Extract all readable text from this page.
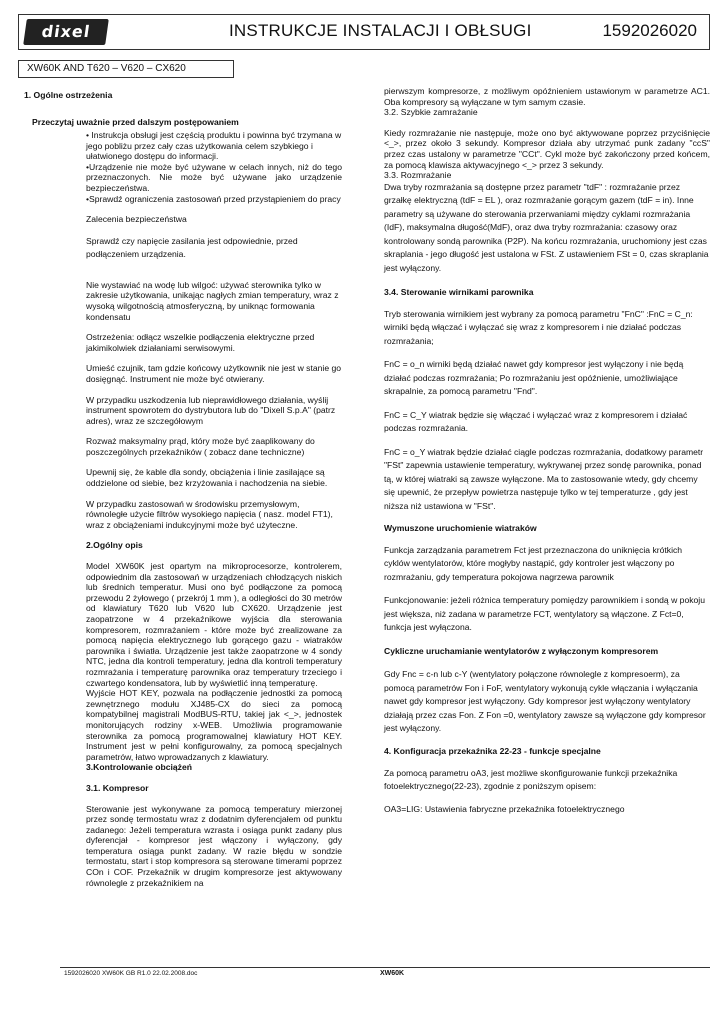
dixel	INSTRUKCJE INSTALACJI I OBŁSUGI	1592026020
XW60K AND T620 – V620 – CX620
1. Ogólne ostrzeżenia
Przeczytaj uważnie przed dalszym postępowaniem

• Instrukcja obsługi jest częścią produktu i powinna być trzymana w jego pobliżu przez cały czas użytkowania celem szybkiego i ułatwionego dostępu do informacji.

•Urządzenie nie może być używane w celach innych, niż do tego przeznaczonych. Nie może być używane jako urządzenie bezpieczeństwa.

•Sprawdź ograniczenia zastosowań przed przystąpieniem do pracy

Zalecenia bezpieczeństwa

Sprawdź czy napięcie zasilania jest odpowiednie, przed podłączeniem urządzenia.

Nie wystawiać na wodę lub wilgoć: używać sterownika tylko w zakresie użytkowania, unikając nagłych zmian temperatury, wraz z wysoką wilgotnością atmosferyczną, by uniknąc formowania kondensatu

Ostrzeżenia: odłącz wszelkie podłączenia elektryczne przed jakimikolwiek działaniami serwisowymi.

Umieść czujnik, tam gdzie końcowy użytkownik nie jest w stanie go dosięgnąć. Instrument nie może być otwierany.

W przypadku uszkodzenia lub nieprawidłowego działania, wyślij instrument spowrotem do dystrybutora lub do "Dixell S.p.A" (patrz adres), wraz ze szczegółowym

Rozważ maksymalny prąd, który może być zaaplikowany do poszczególnych przekaźników ( zobacz dane techniczne)

Upewnij się, że kable dla sondy, obciążenia i linie zasilające są oddzielone od siebie, bez krzyżowania i nachodzenia na siebie.

W przypadku zastosowań w środowisku przemysłowym, równoległe użycie filtrów wysokiego napięcia ( nasz. model FT1), wraz z obciążeniami indukcyjnymi może być użyteczne.

2.Ogólny opis

Model XW60K jest opartym na mikroprocesorze, kontrolerem, odpowiednim dla zastosowań w urządzeniach chłodzących niskich lub średnich temperatur. Musi ono być podłączone za pomocą przewodu 2 żyłowego ( przekrój 1 mm ), a odległości do 30 metrów od klawiatury T620 lub V620 lub CX620. Urządzenie jest zaopatrzone w 4 przekaźnikowe wyjścia dla sterowania kompresorem, rozmrażaniem - które może być zrealizowane za pomocą napięcia elektrycznego lub gorącego gazu - wiatraków parownika i światła. Urządzenie jest także zaopatrzone w 4 sondy NTC, jedna dla kontroli temperatury, jedna dla kontroli temperatury rozmrażania i temperaturę parownika oraz temperatury trzeciego i czwartego kondensatora, lub by wyświetlić inną temperaturę.

Wyjście HOT KEY, pozwala na podłączenie jednostki za pomocą zewnętrznego modułu XJ485-CX do sieci za pomocą kompatybilnej magistrali ModBUS-RTU, takiej jak <_>, jednostek monitorujących rodziny x-WEB. Umożliwia programowanie sterownika za pomocą programowalnej klawiatury HOT KEY. Instrument jest w pełni konfigurowalny, za pomocą specjalnych parametrów, łatwo wprowadzanych z klawiatury.

3.Kontrolowanie obciążeń

3.1. Kompresor

Sterowanie jest wykonywane za pomocą temperatury mierzonej przez sondę termostatu wraz z dodatnim dyferencjałem od punktu zadanego: Jeżeli temperatura wzrasta i osiąga punkt zadany plus dyferencjał - kompresor jest włączony i wyłączony, gdy temperatura osiąga punkt zadany. W razie błędu w sondzie termostatu, start i stop kompresora są sterowane timerami poprzez COn i COF. Przekaźnik w drugim kompresorze jest aktywowany równolegle z przekaźnikiem na

pierwszym kompresorze, z możliwym opóźnieniem ustawionym w parametrze AC1. Oba kompresory są wyłączane w tym samym czasie.

3.2. Szybkie zamrażanie

Kiedy rozmrażanie nie następuje, może ono być aktywowane poprzez przyciśnięcie <_>, przez około 3 sekundy. Kompresor działa aby utrzymać punk zadany "ccS" przez czas ustalony w parametrze "CCt". Cykl może być zakończony przed końcem, za pomocą klawisza aktywacyjnego <_> przez 3 sekundy.

3.3. Rozmrażanie

Dwa tryby rozmrażania są dostępne przez parametr "tdF" : rozmrażanie przez grzałkę elektryczną (tdF = EL ), oraz rozmrażanie gorącym gazem (tdF = in). Inne parametry są używane do sterowania przerwaniami między cyklami rozmrażania (IdF), maksymalna długość(MdF), oraz dwa tryby rozmrażania: czasowy oraz kontrolowany sondą parownika (P2P). Na końcu rozmrażania, uruchomiony jest czas skraplania - jego długość jest ustalona w FSt. Z ustawieniem FSt = 0, czas skraplania jest wyłączony.

3.4. Sterowanie wirnikami parownika

Tryb sterowania wirnikiem jest wybrany za pomocą parametru "FnC" :FnC = C_n: wirniki będą włączać i wyłączać się wraz z kompresorem i nie działać podczas rozmrażania;

FnC = o_n wirniki będą działać nawet gdy kompresor jest wyłączony i nie będą działać podczas rozmrażania; Po rozmrażaniu jest opóźnienie, umożliwiające skrapalnie, za pomocą parametru "Fnd".

FnC = C_Y wiatrak będzie się włączać i wyłączać wraz z kompresorem i działać podczas rozmrażania.

FnC = o_Y wiatrak będzie działać ciągle podczas rozmrażania, dodatkowy parametr "FSt" zapewnia ustawienie temperatury, wykrywanej przez sondę parownika, ponad tą, w której wiatraki są zawsze wyłączone. Ma to zastosowanie wtedy, gdy chcemy się upewnić, że przepływ powietrza następuje tylko w tej temperaturze , gdy jest niższa niż ustawiona w "FSt".

Wymuszone uruchomienie wiatraków

Funkcja zarządzania parametrem Fct jest przeznaczona do uniknięcia krótkich cyklów wentylatorów, które mogłyby nastąpić, gdy kontroler jest włączony po rozmrażaniu, gdy temperatura pokojowa nagrzewa parownik

Funkcjonowanie: jeżeli różnica temperatury pomiędzy parownikiem i sondą w pokoju jest większa, niż zadana w parametrze FCT, wentylatory są włączone. Z Fct=0, funkcja jest wyłączona.

Cykliczne uruchamianie wentylatorów z wyłączonym kompresorem

Gdy Fnc = c-n lub c-Y (wentylatory połączone równolegle z kompresoerm), za pomocą parametrów Fon i FoF, wentylatory wykonują cykle włączania i wyłączania nawet gdy kompresor jest wyłączony. Gdy kompresor jest wyłączony wentylatory działają przez czas Fon. Z Fon =0, wentylatory zawsze są wyłączone gdy kompresor jest wyłączony.

4. Konfiguracja przekaźnika 22-23 - funkcje specjalne

Za pomocą parametru oA3, jest możliwe skonfigurowanie funkcji przekaźnika fotoelektrycznego(22-23), zgodnie z poniższym opisem:

OA3=LIG: Ustawienia fabryczne przekaźnika fotoelektrycznego

1592026020 XW60K GB R1.0 22.02.2008.doc	XW60K
